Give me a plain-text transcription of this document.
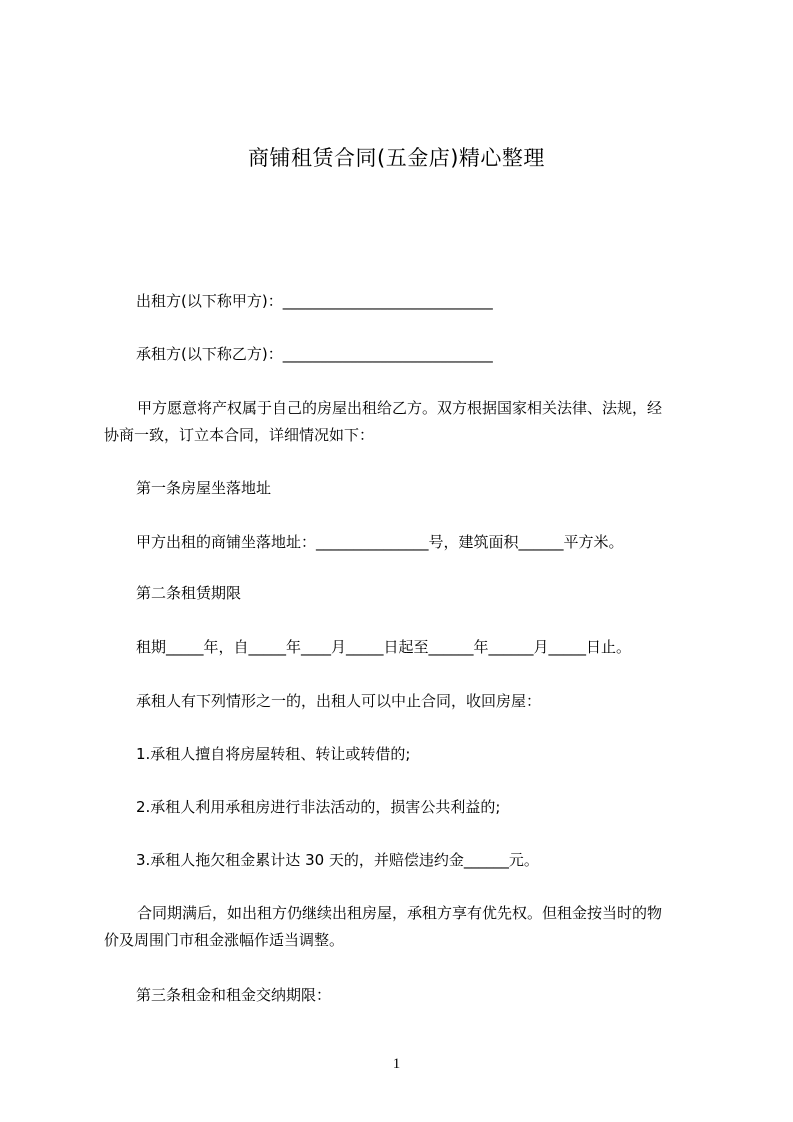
商铺租赁合同(五金店)精心整理
出租方(以下称甲方)：____________________________
承租方(以下称乙方)：____________________________
甲方愿意将产权属于自己的房屋出租给乙方。双方根据国家相关法律、法规，经
协商一致，订立本合同，详细情况如下：
第一条房屋坐落地址
甲方出租的商铺坐落地址：_______________号，建筑面积______平方米。
第二条租赁期限
租期_____年，自_____年____月_____日起至______年______月_____日止。
承租人有下列情形之一的，出租人可以中止合同，收回房屋：
1.承租人擅自将房屋转租、转让或转借的;
2.承租人利用承租房进行非法活动的，损害公共利益的;
3.承租人拖欠租金累计达 30 天的，并赔偿违约金______元。
合同期满后，如出租方仍继续出租房屋，承租方享有优先权。但租金按当时的物
价及周围门市租金涨幅作适当调整。
第三条租金和租金交纳期限：
1
